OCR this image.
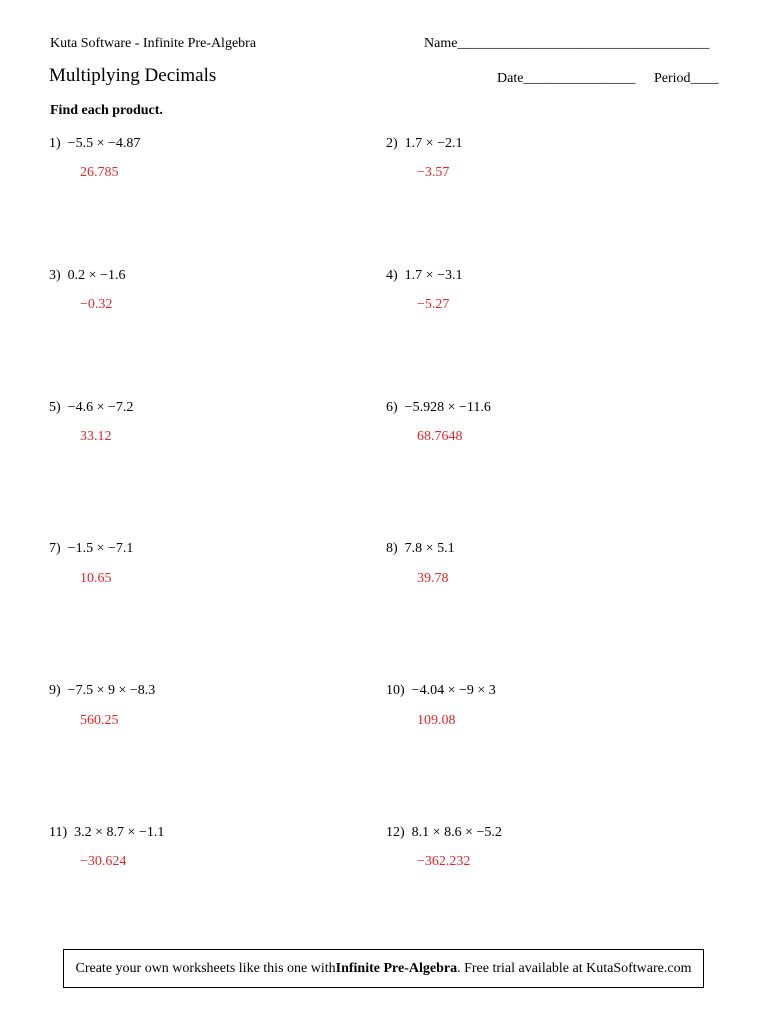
Kuta Software - Infinite Pre-Algebra	Name____________________________________
Multiplying Decimals	Date________________ Period____
Find each product.
1) −5.5 × −4.87
26.785
2) 1.7 × −2.1
−3.57
3) 0.2 × −1.6
−0.32
4) 1.7 × −3.1
−5.27
5) −4.6 × −7.2
33.12
6) −5.928 × −11.6
68.7648
7) −1.5 × −7.1
10.65
8) 7.8 × 5.1
39.78
9) −7.5 × 9 × −8.3
560.25
10) −4.04 × −9 × 3
109.08
11) 3.2 × 8.7 × −1.1
−30.624
12) 8.1 × 8.6 × −5.2
−362.232
Create your own worksheets like this one with Infinite Pre-Algebra . Free trial available at KutaSoftware.com
